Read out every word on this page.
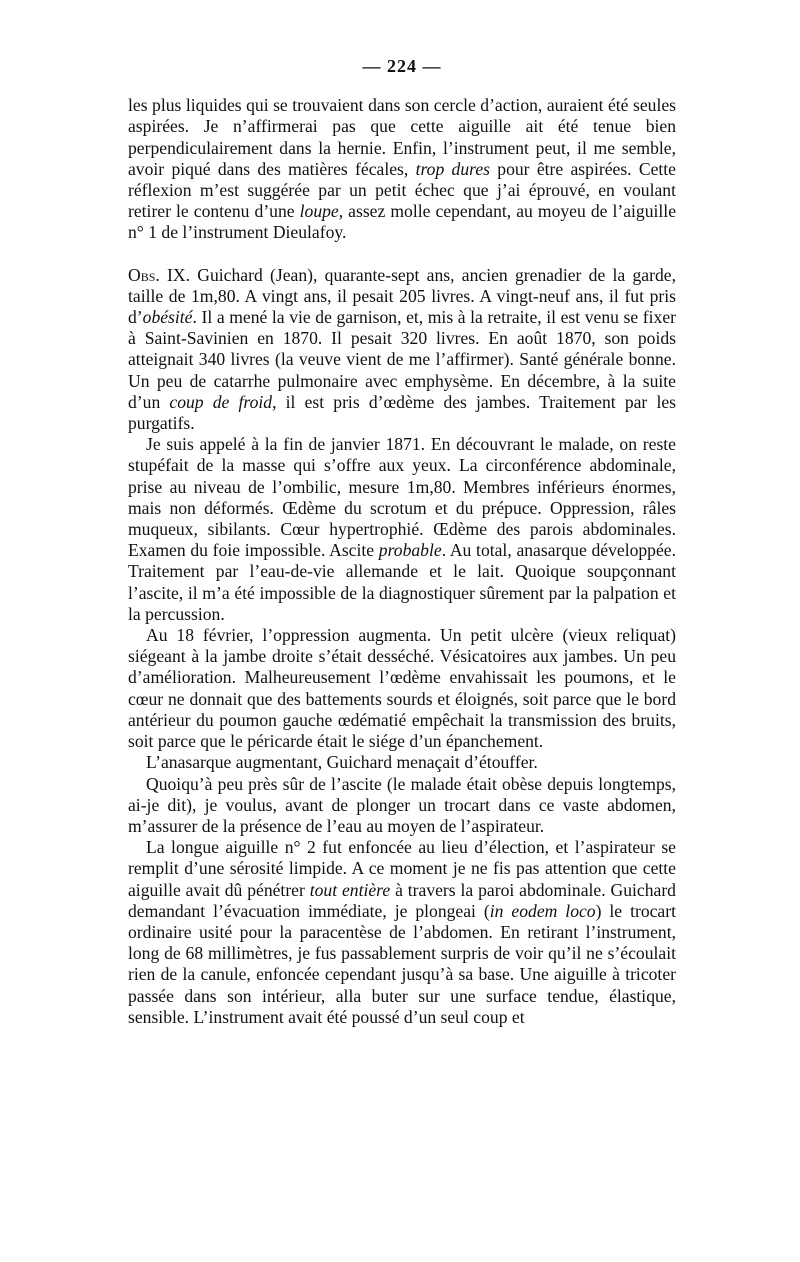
— 224 —

les plus liquides qui se trouvaient dans son cercle d’action, auraient été seules aspirées. Je n’affirmerai pas que cette aiguille ait été tenue bien perpendiculairement dans la hernie. Enfin, l’instrument peut, il me semble, avoir piqué dans des matières fécales, trop dures pour être aspirées. Cette réflexion m’est suggérée par un petit échec que j’ai éprouvé, en voulant retirer le contenu d’une loupe, assez molle cependant, au moyeu de l’aiguille n° 1 de l’instrument Dieulafoy.

Obs. IX. Guichard (Jean), quarante-sept ans, ancien grenadier de la garde, taille de 1m,80. A vingt ans, il pesait 205 livres. A vingt-neuf ans, il fut pris d’obésité. Il a mené la vie de garnison, et, mis à la retraite, il est venu se fixer à Saint-Savinien en 1870. Il pesait 320 livres. En août 1870, son poids atteignait 340 livres (la veuve vient de me l’affirmer). Santé générale bonne. Un peu de catarrhe pulmonaire avec emphysème. En décembre, à la suite d’un coup de froid, il est pris d’œdème des jambes. Traitement par les purgatifs.

Je suis appelé à la fin de janvier 1871. En découvrant le malade, on reste stupéfait de la masse qui s’offre aux yeux. La circonférence abdominale, prise au niveau de l’ombilic, mesure 1m,80. Membres inférieurs énormes, mais non déformés. Œdème du scrotum et du prépuce. Oppression, râles muqueux, sibilants. Cœur hypertrophié. Œdème des parois abdominales. Examen du foie impossible. Ascite probable. Au total, anasarque développée. Traitement par l’eau-de-vie allemande et le lait. Quoique soupçonnant l’ascite, il m’a été impossible de la diagnostiquer sûrement par la palpation et la percussion.

Au 18 février, l’oppression augmenta. Un petit ulcère (vieux reliquat) siégeant à la jambe droite s’était desséché. Vésicatoires aux jambes. Un peu d’amélioration. Malheureusement l’œdème envahissait les poumons, et le cœur ne donnait que des battements sourds et éloignés, soit parce que le bord antérieur du poumon gauche œdématié empêchait la transmission des bruits, soit parce que le péricarde était le siége d’un épanchement.

L’anasarque augmentant, Guichard menaçait d’étouffer.

Quoiqu’à peu près sûr de l’ascite (le malade était obèse depuis longtemps, ai-je dit), je voulus, avant de plonger un trocart dans ce vaste abdomen, m’assurer de la présence de l’eau au moyen de l’aspirateur.

La longue aiguille n° 2 fut enfoncée au lieu d’élection, et l’aspirateur se remplit d’une sérosité limpide. A ce moment je ne fis pas attention que cette aiguille avait dû pénétrer tout entière à travers la paroi abdominale. Guichard demandant l’évacuation immédiate, je plongeai (in eodem loco) le trocart ordinaire usité pour la paracentèse de l’abdomen. En retirant l’instrument, long de 68 millimètres, je fus passablement surpris de voir qu’il ne s’écoulait rien de la canule, enfoncée cependant jusqu’à sa base. Une aiguille à tricoter passée dans son intérieur, alla buter sur une surface tendue, élastique, sensible. L’instrument avait été poussé d’un seul coup et
